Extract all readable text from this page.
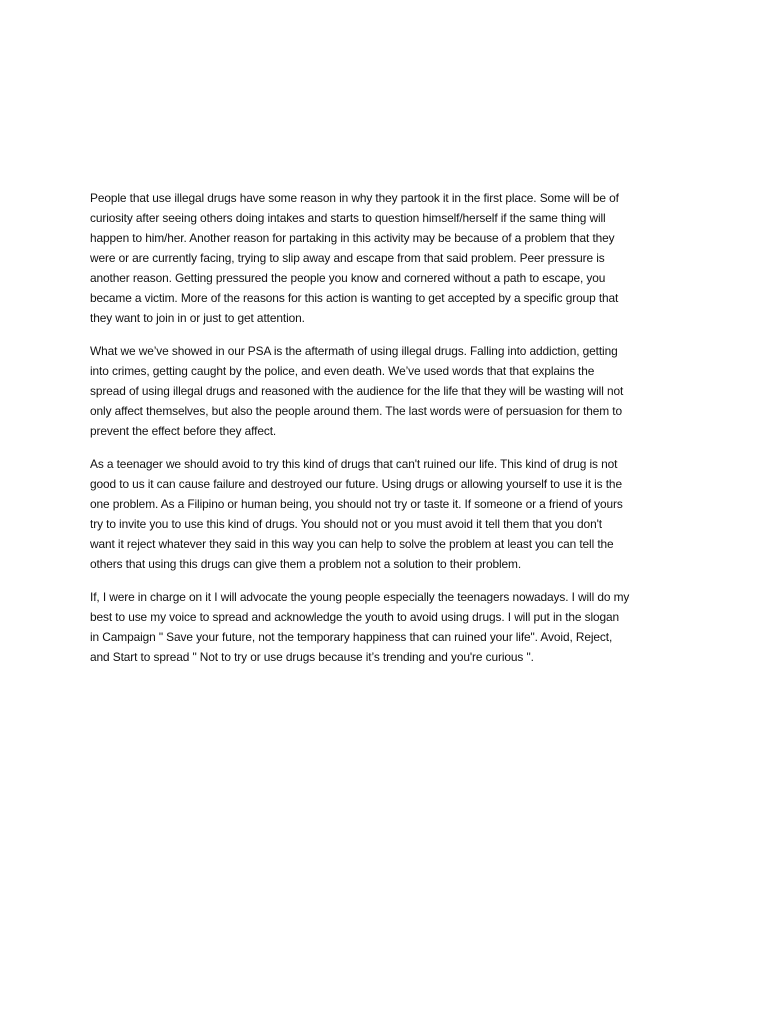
People that use illegal drugs have some reason in why they partook it in the first place. Some will be of
curiosity after seeing others doing intakes and starts to question himself/herself if the same thing will
happen to him/her. Another reason for partaking in this activity may be because of a problem that they
were or are currently facing, trying to slip away and escape from that said problem. Peer pressure is
another reason. Getting pressured the people you know and cornered without a path to escape, you
became a victim. More of the reasons for this action is wanting to get accepted by a specific group that
they want to join in or just to get attention.

What we we’ve showed in our PSA is the aftermath of using illegal drugs. Falling into addiction, getting
into crimes, getting caught by the police, and even death. We’ve used words that that explains the
spread of using illegal drugs and reasoned with the audience for the life that they will be wasting will not
only affect themselves, but also the people around them. The last words were of persuasion for them to
prevent the effect before they affect.

As a teenager we should avoid to try this kind of drugs that can't ruined our life. This kind of drug is not
good to us it can cause failure and destroyed our future. Using drugs or allowing yourself to use it is the
one problem. As a Filipino or human being, you should not try or taste it. If someone or a friend of yours
try to invite you to use this kind of drugs. You should not or you must avoid it tell them that you don't
want it reject whatever they said in this way you can help to solve the problem at least you can tell the
others that using this drugs can give them a problem not a solution to their problem.

If, I were in charge on it I will advocate the young people especially the teenagers nowadays. I will do my
best to use my voice to spread and acknowledge the youth to avoid using drugs. I will put in the slogan
in Campaign " Save your future, not the temporary happiness that can ruined your life". Avoid, Reject,
and Start to spread " Not to try or use drugs because it’s trending and you're curious ".
